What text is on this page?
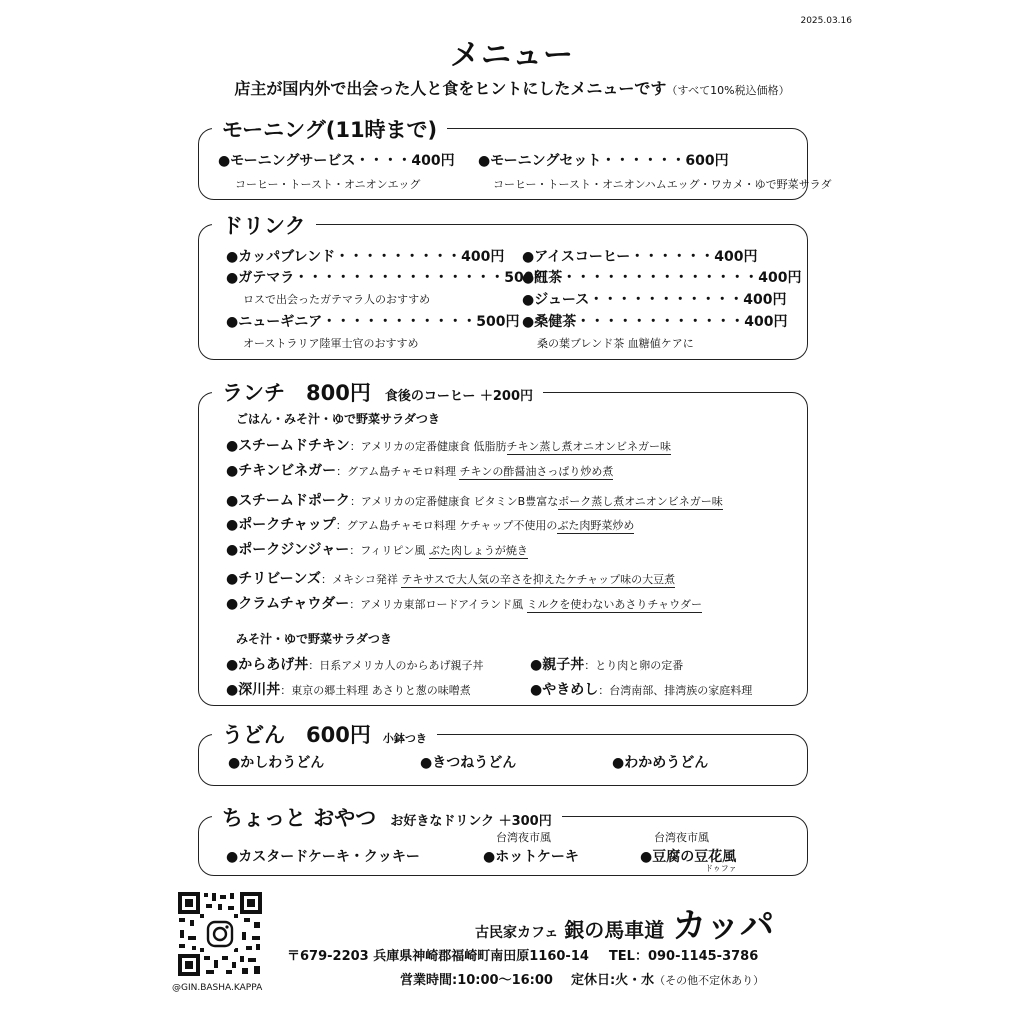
2025.03.16
メニュー
店主が国内外で出会った人と食をヒントにしたメニューです（すべて10%税込価格）
モーニング(11時まで)
●モーニングサービス・・・・400円
コーヒー・トースト・オニオンエッグ
●モーニングセット・・・・・・600円
コーヒー・トースト・オニオンハムエッグ・ワカメ・ゆで野菜サラダ
ドリンク
●カッパブレンド・・・・・・・・・400円
●ガテマラ・・・・・・・・・・・・・・・500円
ロスで出会ったガテマラ人のおすすめ
●ニューギニア・・・・・・・・・・・500円
オーストラリア陸軍士官のおすすめ
●アイスコーヒー・・・・・・400円
●紅茶・・・・・・・・・・・・・・400円
●ジュース・・・・・・・・・・・400円
●桑健茶・・・・・・・・・・・・400円
桑の葉ブレンド茶 血糖値ケアに
ランチ　800円 食後のコーヒー ＋200円
ごはん・みそ汁・ゆで野菜サラダつき
●スチームドチキン：アメリカの定番健康食 低脂肪チキン蒸し煮オニオンビネガー味
●チキンビネガー：グアム島チャモロ料理 チキンの酢醤油さっぱり炒め煮
●スチームドポーク：アメリカの定番健康食 ビタミンB豊富なポーク蒸し煮オニオンビネガー味
●ポークチャップ：グアム島チャモロ料理 ケチャップ不使用のぶた肉野菜炒め
●ポークジンジャー：フィリピン風 ぶた肉しょうが焼き
●チリビーンズ：メキシコ発祥 テキサスで大人気の辛さを抑えたケチャップ味の大豆煮
●クラムチャウダー：アメリカ東部ロードアイランド風 ミルクを使わないあさりチャウダー
みそ汁・ゆで野菜サラダつき
●からあげ丼：日系アメリカ人のからあげ親子丼	●親子丼：とり肉と卵の定番
●深川丼：東京の郷土料理 あさりと葱の味噌煮	●やきめし：台湾南部、排湾族の家庭料理
うどん　600円 小鉢つき
●かしわうどん	●きつねうどん	●わかめうどん
ちょっと おやつ お好きなドリンク ＋300円
●カスタードケーキ・クッキー
台湾夜市風
●ホットケーキ
台湾夜市風
●豆腐の豆花風
ドゥファ
@GIN.BASHA.KAPPA
古民家カフェ 銀の馬車道 カッパ
〒679-2203 兵庫県神崎郡福崎町南田原1160-14 TEL：090-1145-3786
営業時間:10:00～16:00 定休日:火・水（その他不定休あり）
